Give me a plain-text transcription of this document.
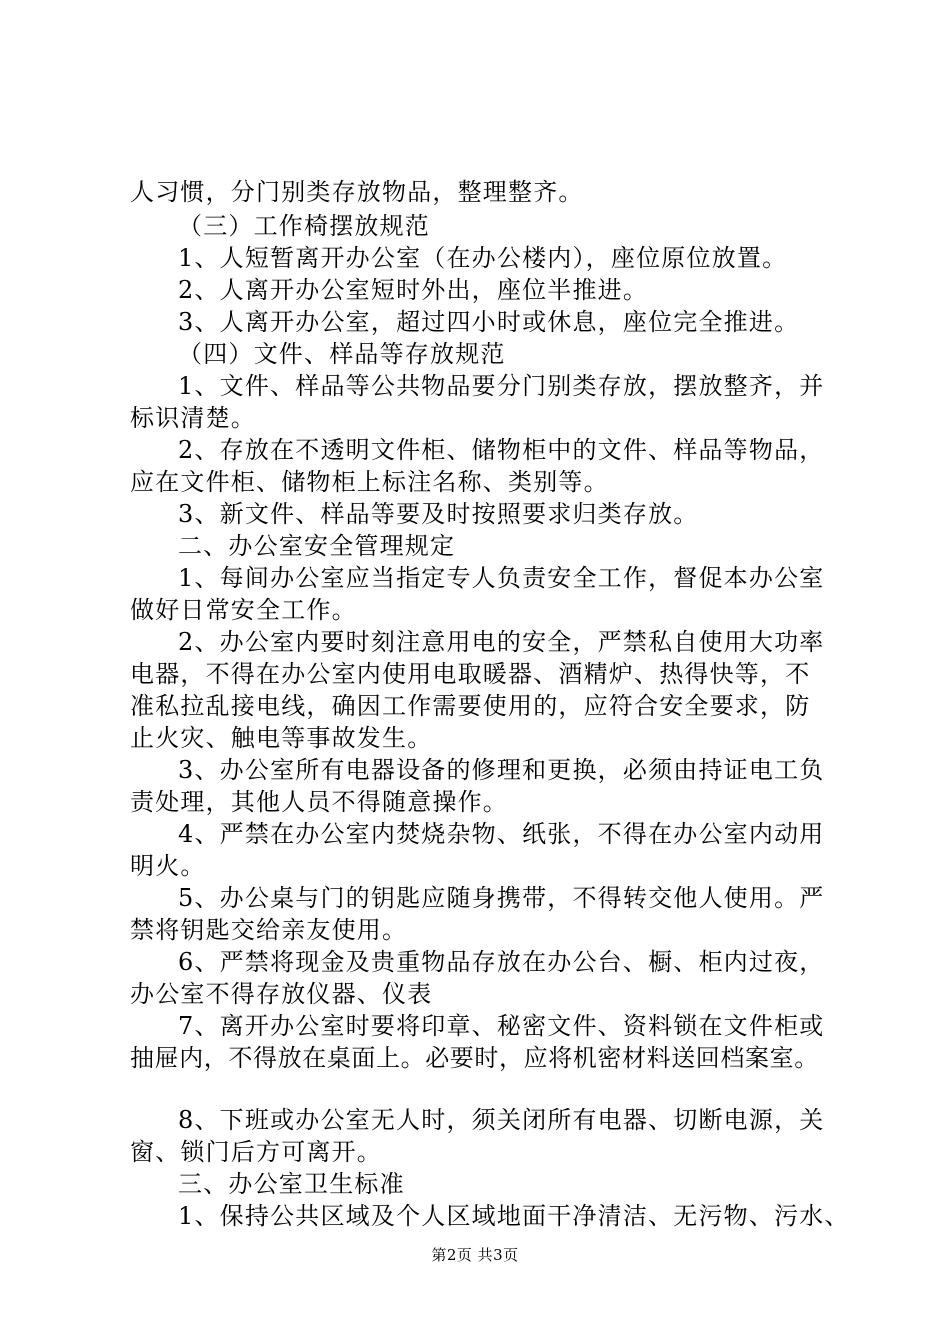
人习惯，分门别类存放物品，整理整齐。
（三）工作椅摆放规范
1、人短暂离开办公室（在办公楼内），座位原位放置。
2、人离开办公室短时外出，座位半推进。
3、人离开办公室，超过四小时或休息，座位完全推进。
（四）文件、样品等存放规范
1、文件、样品等公共物品要分门别类存放，摆放整齐，并
标识清楚。
2、存放在不透明文件柜、储物柜中的文件、样品等物品，
应在文件柜、储物柜上标注名称、类别等。
3、新文件、样品等要及时按照要求归类存放。
二、办公室安全管理规定
1、每间办公室应当指定专人负责安全工作，督促本办公室
做好日常安全工作。
2、办公室内要时刻注意用电的安全，严禁私自使用大功率
电器，不得在办公室内使用电取暖器、酒精炉、热得快等，不
准私拉乱接电线，确因工作需要使用的，应符合安全要求，防
止火灾、触电等事故发生。
3、办公室所有电器设备的修理和更换，必须由持证电工负
责处理，其他人员不得随意操作。
4、严禁在办公室内焚烧杂物、纸张，不得在办公室内动用
明火。
5、办公桌与门的钥匙应随身携带，不得转交他人使用。严
禁将钥匙交给亲友使用。
6、严禁将现金及贵重物品存放在办公台、橱、柜内过夜，
办公室不得存放仪器、仪表
7、离开办公室时要将印章、秘密文件、资料锁在文件柜或
抽屉内，不得放在桌面上。必要时，应将机密材料送回档案室。
8、下班或办公室无人时，须关闭所有电器、切断电源，关
窗、锁门后方可离开。
三、办公室卫生标准
1、保持公共区域及个人区域地面干净清洁、无污物、污水、
第2页 共3页
